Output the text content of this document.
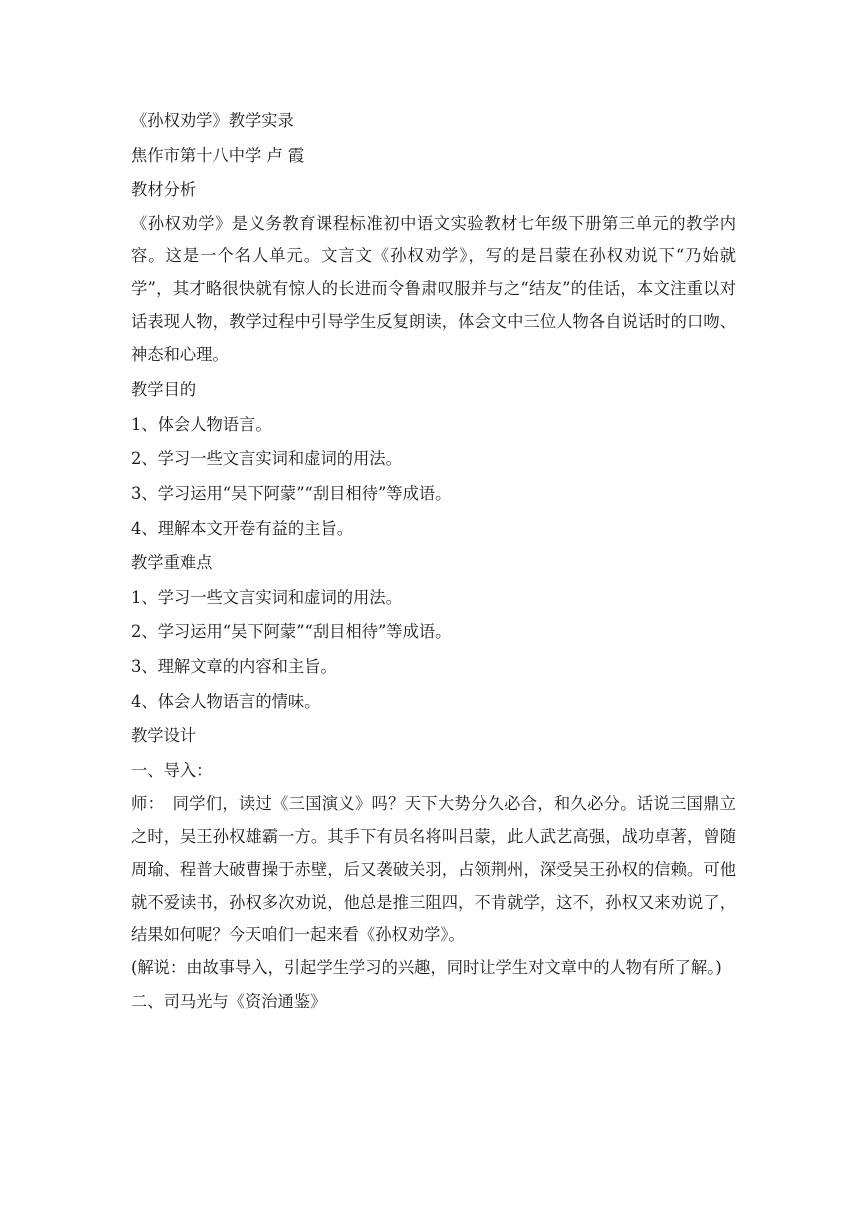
《孙权劝学》教学实录
焦作市第十八中学 卢 霞
教材分析

《孙权劝学》是义务教育课程标准初中语文实验教材七年级下册第三单元的教学内容。这是一个名人单元。文言文《孙权劝学》，写的是吕蒙在孙权劝说下“乃始就学”，其才略很快就有惊人的长进而令鲁肃叹服并与之“结友”的佳话，本文注重以对话表现人物，教学过程中引导学生反复朗读，体会文中三位人物各自说话时的口吻、神态和心理。

教学目的
1、体会人物语言。
2、学习一些文言实词和虚词的用法。
3、学习运用“吴下阿蒙”“刮目相待”等成语。
4、理解本文开卷有益的主旨。
教学重难点
1、学习一些文言实词和虚词的用法。
2、学习运用“吴下阿蒙”“刮目相待”等成语。
3、理解文章的内容和主旨。
4、体会人物语言的情味。
教学设计
一、导入：

师：　同学们，读过《三国演义》吗？天下大势分久必合，和久必分。话说三国鼎立之时，吴王孙权雄霸一方。其手下有员名将叫吕蒙，此人武艺高强，战功卓著，曾随周瑜、程普大破曹操于赤壁，后又袭破关羽，占领荆州，深受吴王孙权的信赖。可他就不爱读书，孙权多次劝说，他总是推三阻四，不肯就学，这不，孙权又来劝说了，结果如何呢？今天咱们一起来看《孙权劝学》。

(解说：由故事导入，引起学生学习的兴趣，同时让学生对文章中的人物有所了解。)

二、司马光与《资治通鉴》
